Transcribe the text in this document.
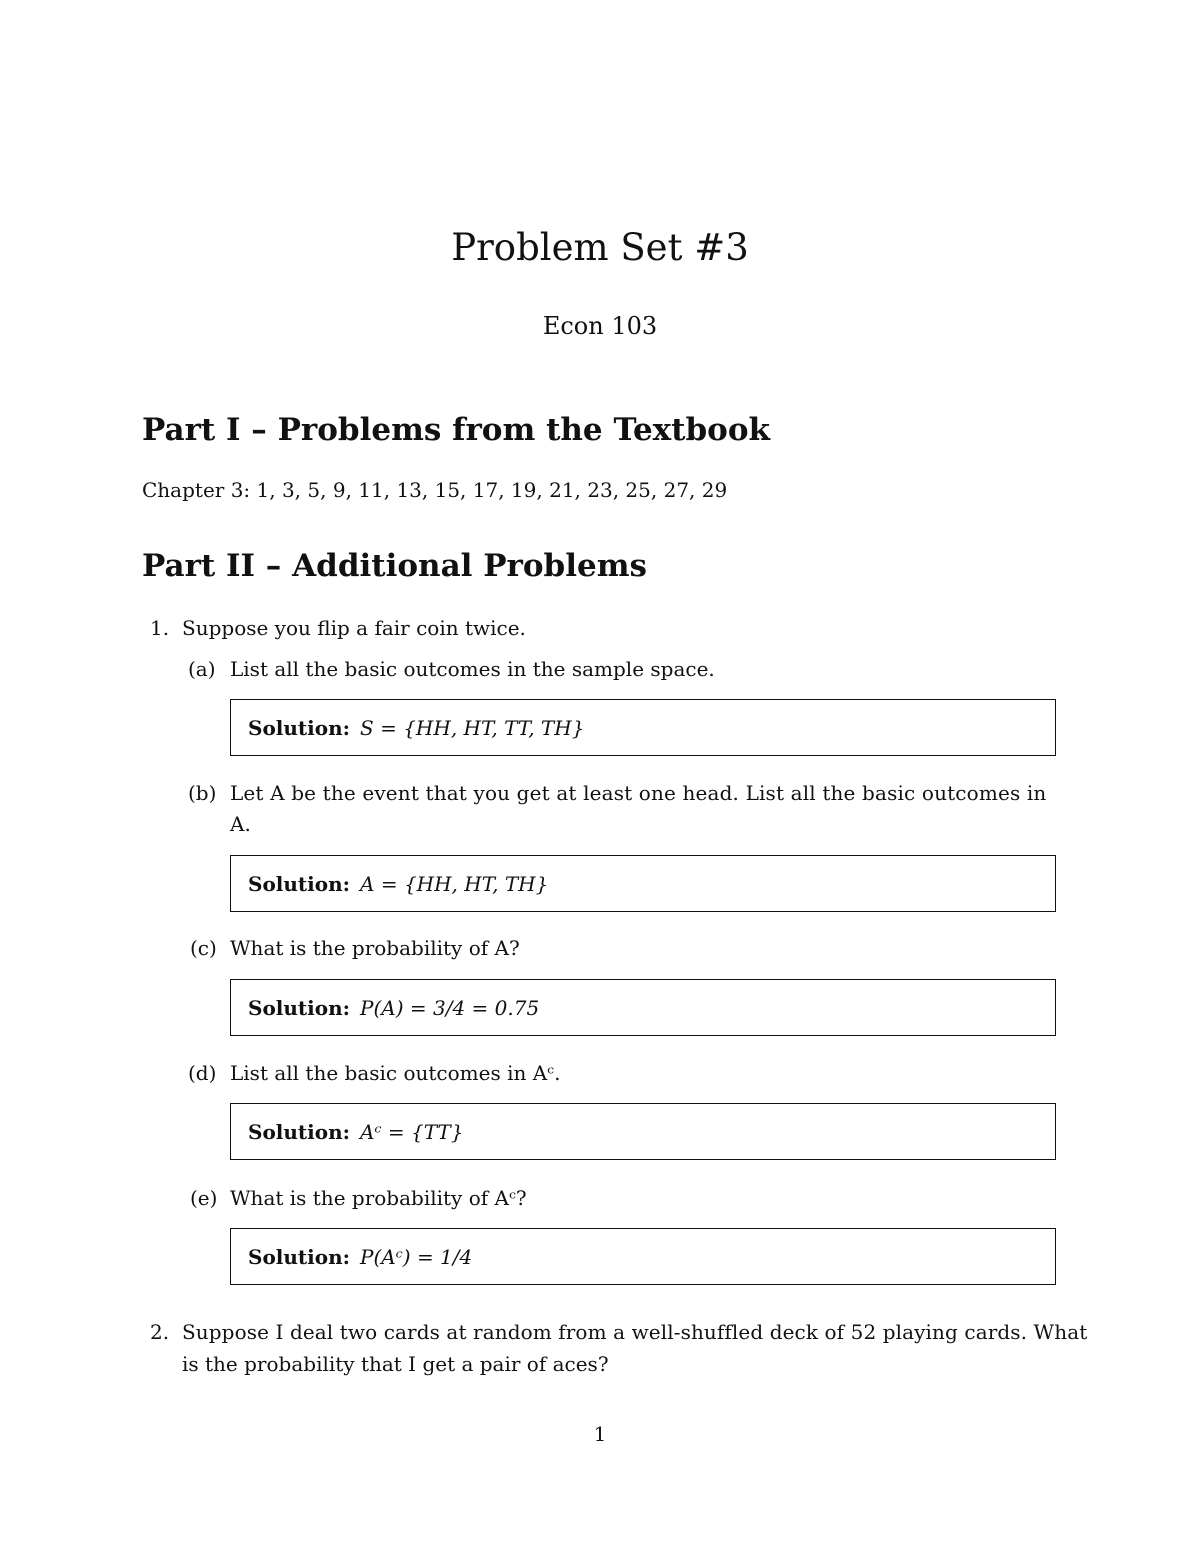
Problem Set #3
Econ 103
Part I – Problems from the Textbook
Chapter 3: 1, 3, 5, 9, 11, 13, 15, 17, 19, 21, 23, 25, 27, 29
Part II – Additional Problems
1. Suppose you flip a fair coin twice.
(a) List all the basic outcomes in the sample space.
Solution: S = {HH, HT, TT, TH}
(b) Let A be the event that you get at least one head. List all the basic outcomes in
A.
Solution: A = {HH, HT, TH}
(c) What is the probability of A?
Solution: P(A) = 3/4 = 0.75
(d) List all the basic outcomes in Aᶜ.
Solution: Aᶜ = {TT}
(e) What is the probability of Aᶜ?
Solution: P(Aᶜ) = 1/4
2. Suppose I deal two cards at random from a well-shuffled deck of 52 playing cards. What
is the probability that I get a pair of aces?
1
